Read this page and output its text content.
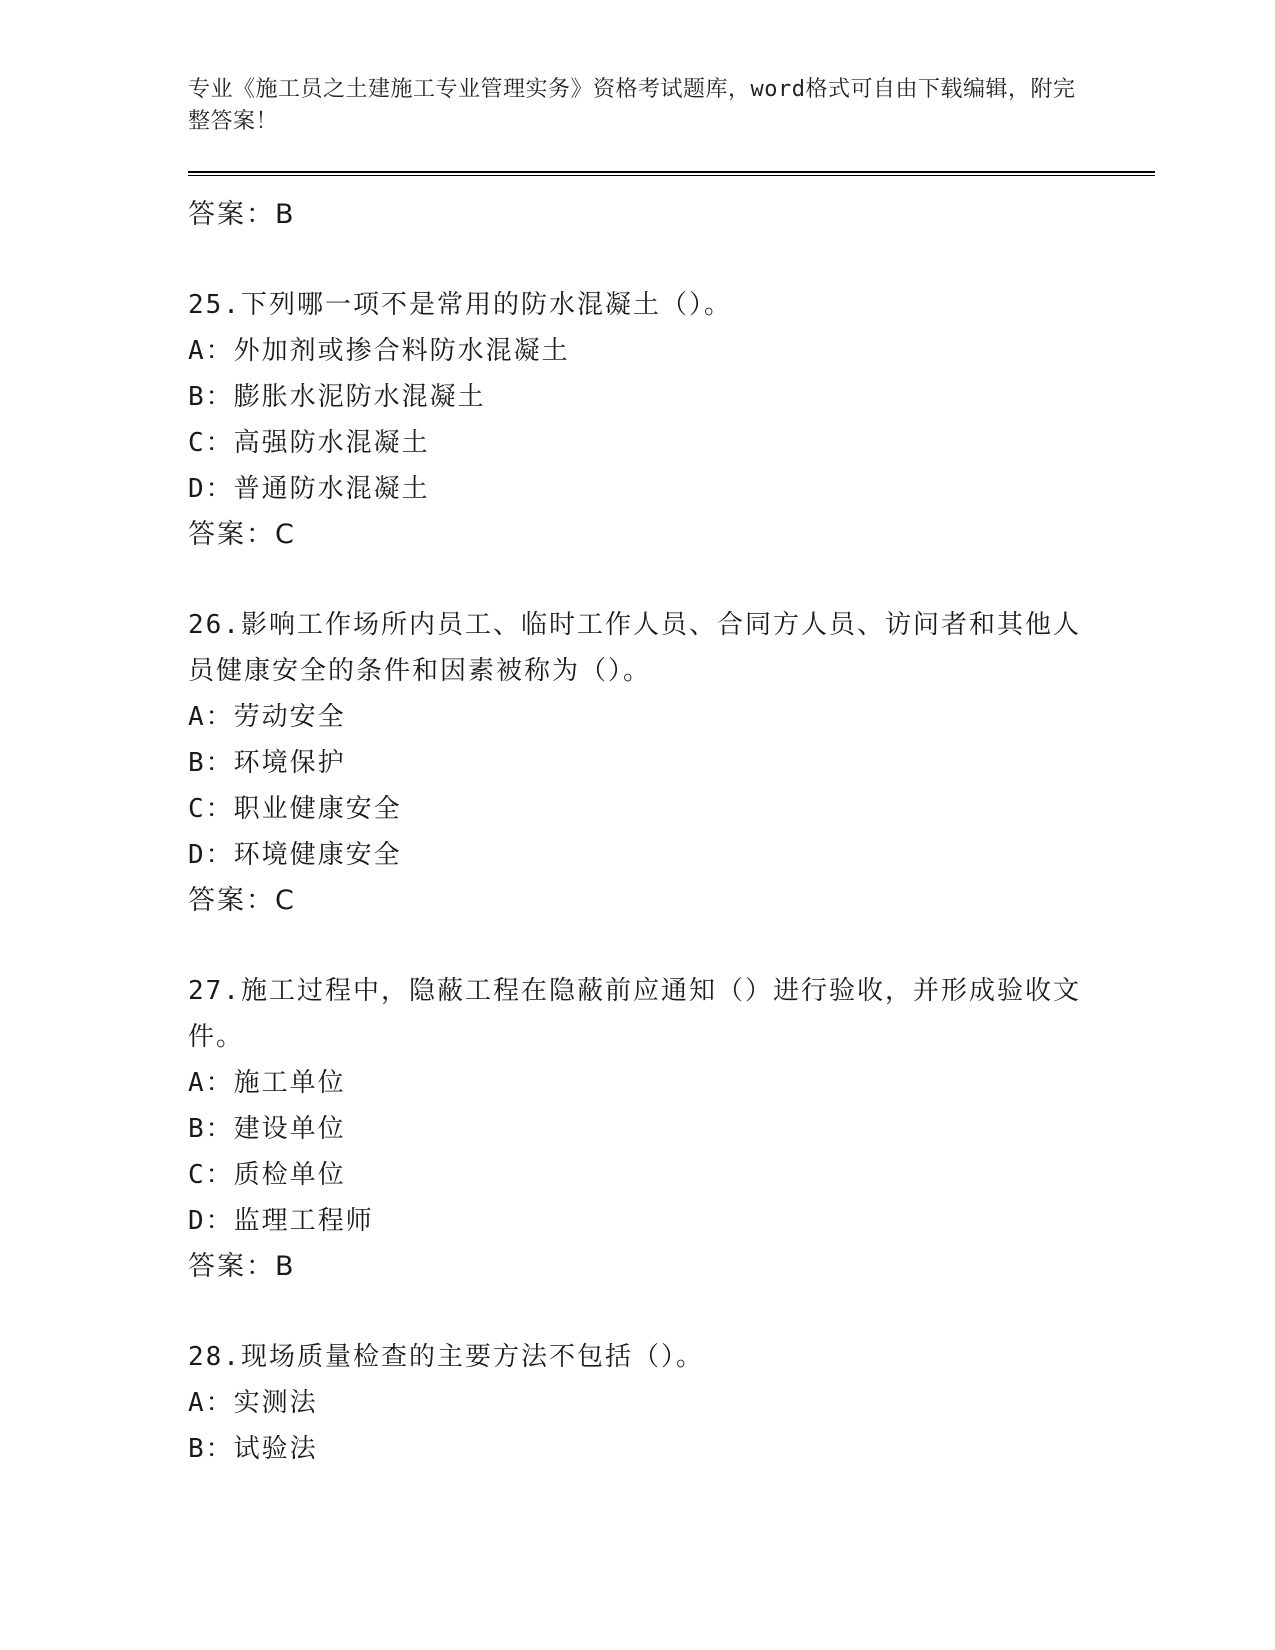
专业《施工员之土建施工专业管理实务》资格考试题库，word格式可自由下载编辑，附完整答案！
答案：B
25.下列哪一项不是常用的防水混凝土（）。
A：外加剂或掺合料防水混凝土
B：膨胀水泥防水混凝土
C：高强防水混凝土
D：普通防水混凝土
答案：C
26.影响工作场所内员工、临时工作人员、合同方人员、访问者和其他人员健康安全的条件和因素被称为（）。
A：劳动安全
B：环境保护
C：职业健康安全
D：环境健康安全
答案：C
27.施工过程中，隐蔽工程在隐蔽前应通知（）进行验收，并形成验收文件。
A：施工单位
B：建设单位
C：质检单位
D：监理工程师
答案：B
28.现场质量检查的主要方法不包括（）。
A：实测法
B：试验法
